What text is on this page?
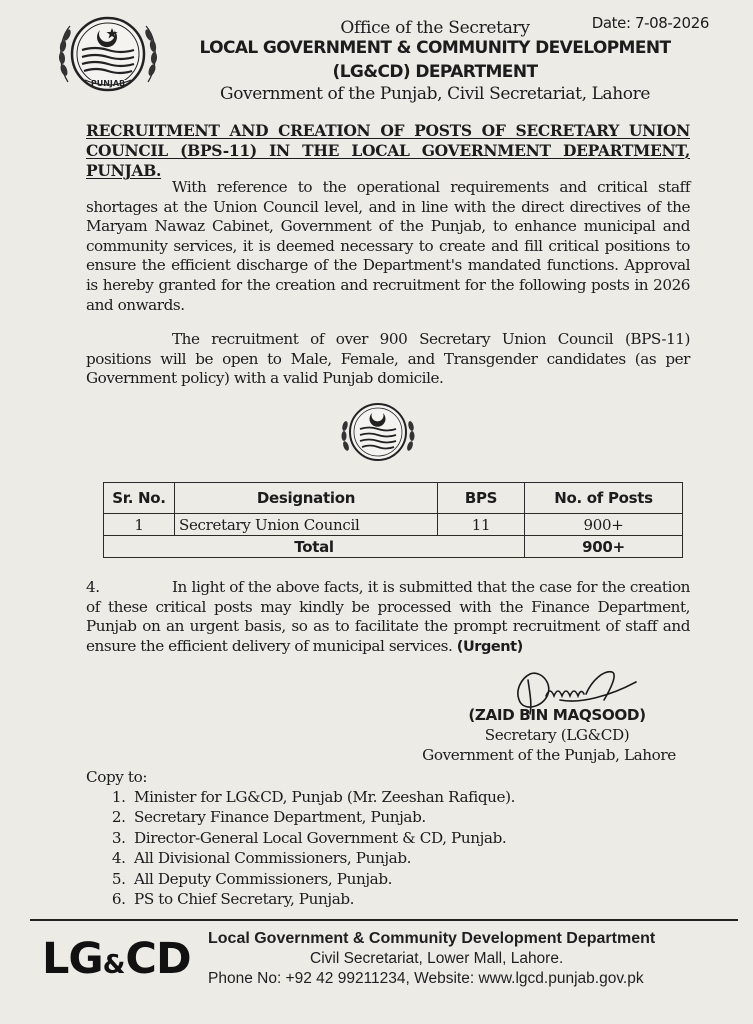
PUNJAB
Date: 7-08-2026
Office of the Secretary
LOCAL GOVERNMENT & COMMUNITY DEVELOPMENT
(LG&CD) DEPARTMENT
Government of the Punjab, Civil Secretariat, Lahore
RECRUITMENT AND CREATION OF POSTS OF SECRETARY UNION COUNCIL (BPS-11) IN THE LOCAL GOVERNMENT DEPARTMENT, PUNJAB.
With reference to the operational requirements and critical staff shortages at the Union Council level, and in line with the direct directives of the Maryam Nawaz Cabinet, Government of the Punjab, to enhance municipal and community services, it is deemed necessary to create and fill critical positions to ensure the efficient discharge of the Department's mandated functions. Approval is hereby granted for the creation and recruitment for the following posts in 2026 and onwards.
The recruitment of over 900 Secretary Union Council (BPS-11) positions will be open to Male, Female, and Transgender candidates (as per Government policy) with a valid Punjab domicile.
Sr. No.	Designation	BPS	No. of Posts
1	Secretary Union Council	11	900+
Total			900+
4.	In light of the above facts, it is submitted that the case for the creation of these critical posts may kindly be processed with the Finance Department, Punjab on an urgent basis, so as to facilitate the prompt recruitment of staff and ensure the efficient delivery of municipal services. (Urgent)
(ZAID BIN MAQSOOD)
Secretary (LG&CD)
Government of the Punjab, Lahore
Copy to:
1. Minister for LG&CD, Punjab (Mr. Zeeshan Rafique).
2. Secretary Finance Department, Punjab.
3. Director-General Local Government & CD, Punjab.
4. All Divisional Commissioners, Punjab.
5. All Deputy Commissioners, Punjab.
6. PS to Chief Secretary, Punjab.
LG&CD Local Government & Community Development Department
Civil Secretariat, Lower Mall, Lahore.
Phone No: +92 42 99211234, Website: www.lgcd.punjab.gov.pk
